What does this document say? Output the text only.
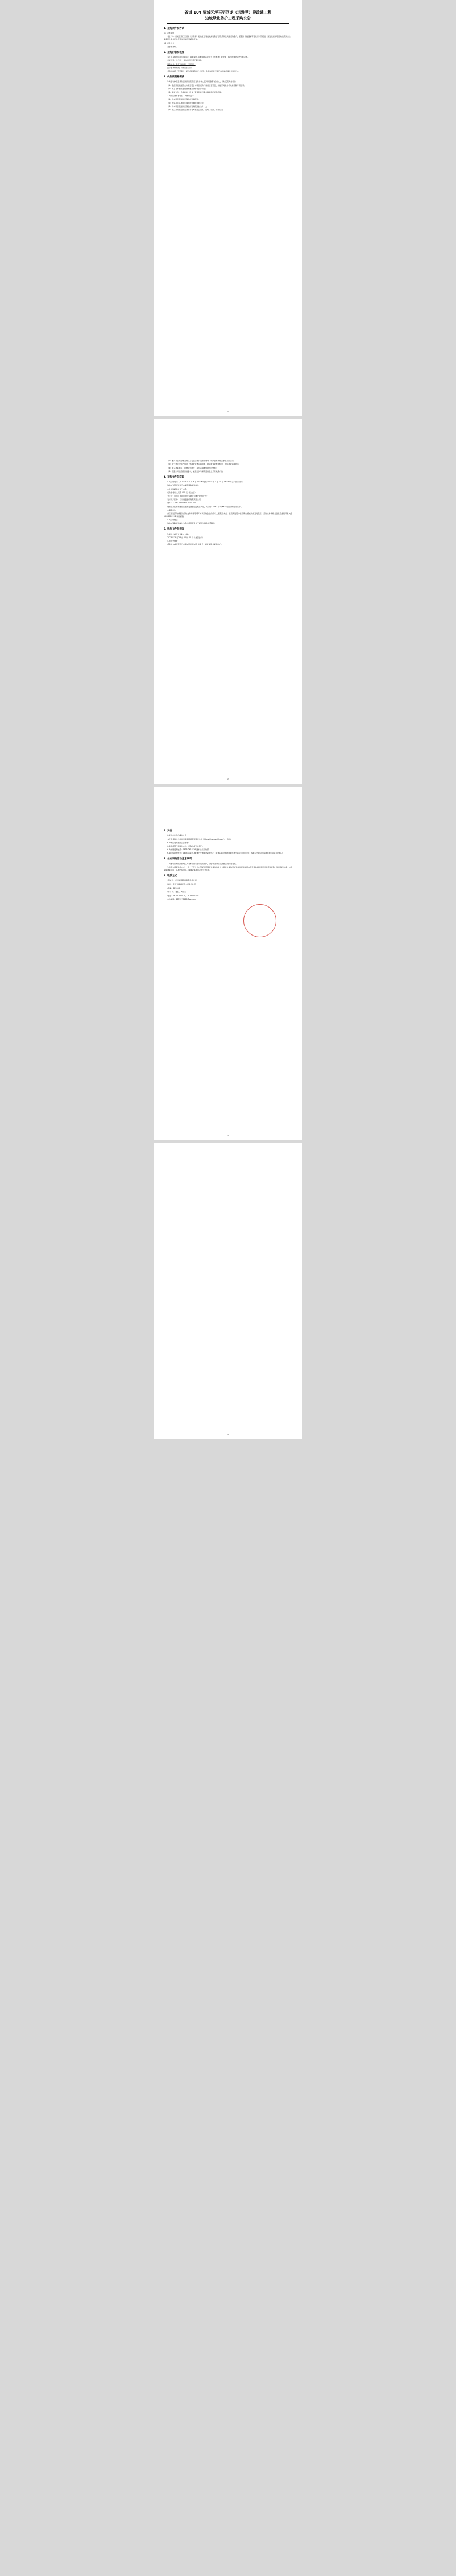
省道 104 雨城区坪石至回龙（洪雅界）段改建工程
边坡绿化防护工程采购公告
1. 采购条件和方式

1.1 采购条件

省道 104 雨城区坪石至回龙（洪雅界）段改建工程边坡绿化防护工程采购已具备采购条件，招图片投融圆解有要进行公开招租，现对该施装项目实施采购出公，邀请符合条件的供应商参加本项目采购竞争。

1.2 采购方式

竞争性谈判。

2. 采购内容和范围

本项目采购内容和范围包括：省道 104 雨城区坪石至回龙（洪雅界）段改建工程边坡绿化防护工程采购。

计划工期: 15 个月，具体以项目部工期为准。

服务地点：雅安市雨城区（见范围）

投资要求或规模：（详见第二章）

采购控制价（不含税）: 1374324.55 元（大写：壹佰叁拾柒万肆仟叁佰贰拾肆元伍角伍分）。

3. 供应商资格要求

3.1 参与本项目采购活动的供应商应当是中华人民共和国境内的法人，同时还应具备标的

（1）供应商须具备营业执照及符合本项目采购内容的经营范围，并能开具税务机关增值税专用发票;

（2）具有良好的商业信誉和健全的财务会计制度;

（3）具有人员、专业技术、设备、资金等能力要求和必要的采购设备;

3.2 供应商不得存在下列情形之一：

（1）为本项目其他供应商提供咨询服务;

（2）为本项目其他供应商提供咨询服务的关系;

（3）为本项目其他供应商提供咨询服务的为同一人;

（4）近三年内在经营活动中存在严重违法记录、违约、拖欠、行贿行为。

1

（1）根本项目所在地采购以上行业主管部门颁出要件，取消提标或禁止参加采购活动;

（2）处于被责令生产停业、整改或者被吊销执照、营业或者被暂停经营、责任被取消等状态;

（3）进入清算程序，或被宣告破产、其他丧失履约能力的情形;

（4）规避公司供应商资格要求，被禁止参与采购活动且处于有效期内的。

4. 采购文件的获取

4.1 获取时间：从 2023 年 3 月 8 日 11: 00 时至 2023 年 3 月 23 日 18: 00 时止（北京时间）

购买或自登记在线平台采购获取采购文件。

4.2 交纳采购文件工本费：

售卖价格为人民币 200 元（售完止）。

开户行：中国工商银行股份有限公司雅安中大街支行

对公账户名称：四川雍嘉路桥有限责任公司

账号：2319 4142 0902 2105 200

转账成功后将转账凭证截图发送到指定联系人处，并注明："XXX 公司 XXX 项目采购服务文件"。

4.4 联系人

供应商在获取或提取采购文件时各项填写本次采购企业的联系人须联系方式，在采购过程中在采购实施成功前及时联系，采购文件的相关信息及通知联系电话 18948102201 联系邮箱。

4.5 获取电话

购买或获取采购文件为购成函图获及电子邮件与联系电话联系。

5. 响应文件的递交

5.1 递交响应文件截止时间:

2023 年 3 月 23 日 10 时 00 分（北京时间）

5.2 递交地址

邮寄申入或以至雅安市南城区北环东路 396 号一楼交易服务采购中心。

2
6. 其他

6.1 发布公告的媒体介绍

本项目采购公告在四川雍嘉路桥有限责任公司（https://www.yajili.com）上发布。

6.2 响应文件递交注意事项:

6.3 监督部门及联系方式：采购人或下达部门。

6.3 质疑受理电话：0835-2618739 路桥公司采购部

6.4 投诉受理电话：0835-3310136 雅安交通建设采购中心（若供应商对质疑回复结果不满意可进行投诉，投诉应当被投诉事项提供相关证明材料。）

7. 参加采购活动注意事项

7.1 参与采购活动的响应人对本采购公告的任何疑问，请于递交响应文件截止时间前提出。

7.2 应实施要选择方式（一2个工艺）正完整填写明规定并采纳的建立方须进入采购活动签单位提供本项内容及其他填写需要评判采购采购，同时参与均等，本组保障调查风险，各项内容自负。请谨记本项目仅为公开通用。

8. 联系方式

采 购 人：四川雍嘉路桥有限责任公司

地 址：雅安市南城区青衣江路 28 号

邮 编：625000

联 系 人：雍嘉、严女士

电 话：18208270019、18181243552

电子邮箱：1874275230@qq.com

3
3
